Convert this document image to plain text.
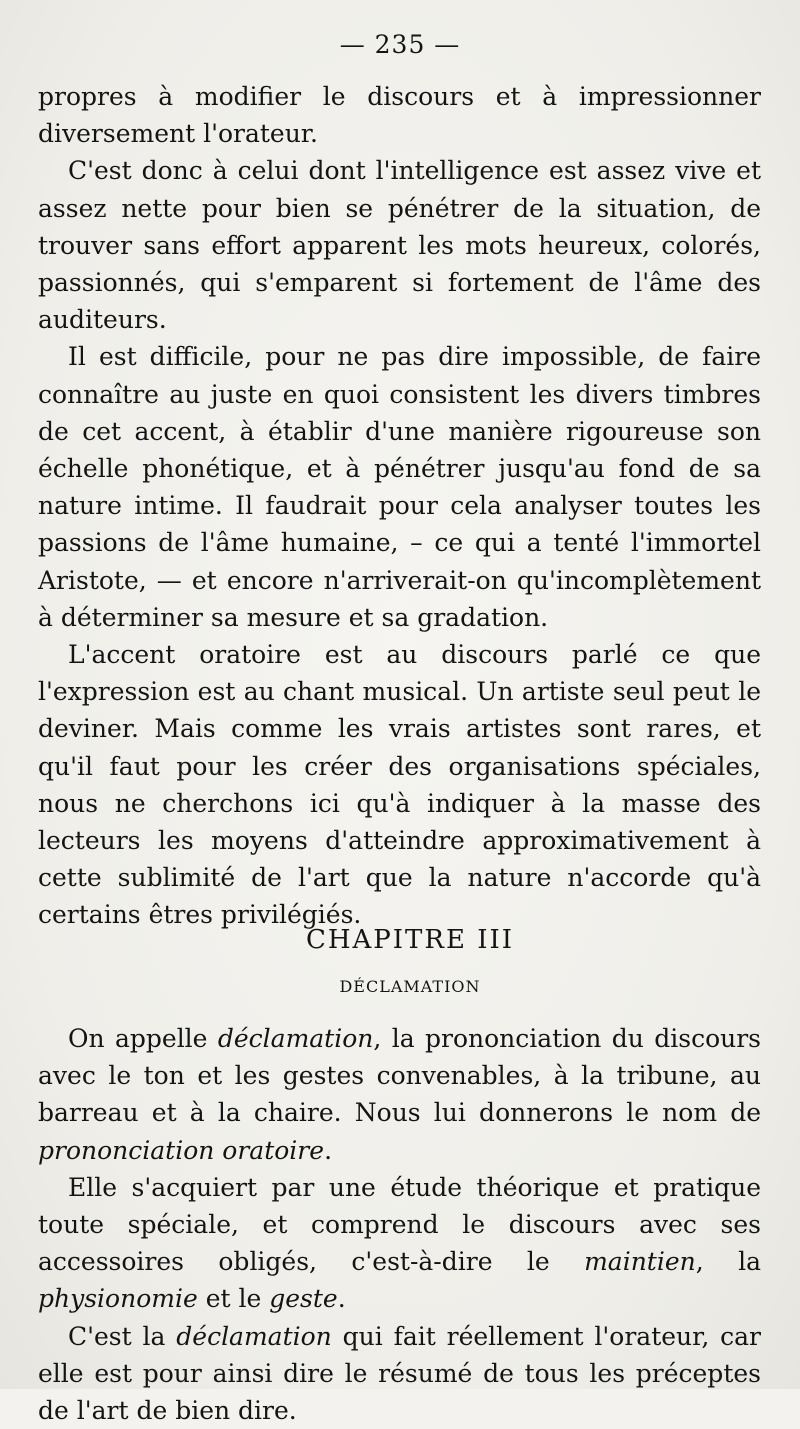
— 235 —

propres à modifier le discours et à impressionner diversement l'orateur.

C'est donc à celui dont l'intelligence est assez vive et assez nette pour bien se pénétrer de la situation, de trouver sans effort apparent les mots heureux, colorés, passionnés, qui s'emparent si fortement de l'âme des auditeurs.

Il est difficile, pour ne pas dire impossible, de faire connaître au juste en quoi consistent les divers timbres de cet accent, à établir d'une manière rigoureuse son échelle phonétique, et à pénétrer jusqu'au fond de sa nature intime. Il faudrait pour cela analyser toutes les passions de l'âme humaine, – ce qui a tenté l'immortel Aristote, — et encore n'arriverait-on qu'incomplètement à déterminer sa mesure et sa gradation.

L'accent oratoire est au discours parlé ce que l'expression est au chant musical. Un artiste seul peut le deviner. Mais comme les vrais artistes sont rares, et qu'il faut pour les créer des organisations spéciales, nous ne cherchons ici qu'à indiquer à la masse des lecteurs les moyens d'atteindre approximativement à cette sublimité de l'art que la nature n'accorde qu'à certains êtres privilégiés.

CHAPITRE III
DÉCLAMATION

On appelle déclamation, la prononciation du discours avec le ton et les gestes convenables, à la tribune, au barreau et à la chaire. Nous lui donnerons le nom de prononciation oratoire.

Elle s'acquiert par une étude théorique et pratique toute spéciale, et comprend le discours avec ses accessoires obligés, c'est-à-dire le maintien, la physionomie et le geste.

C'est la déclamation qui fait réellement l'orateur, car elle est pour ainsi dire le résumé de tous les préceptes de l'art de bien dire.
